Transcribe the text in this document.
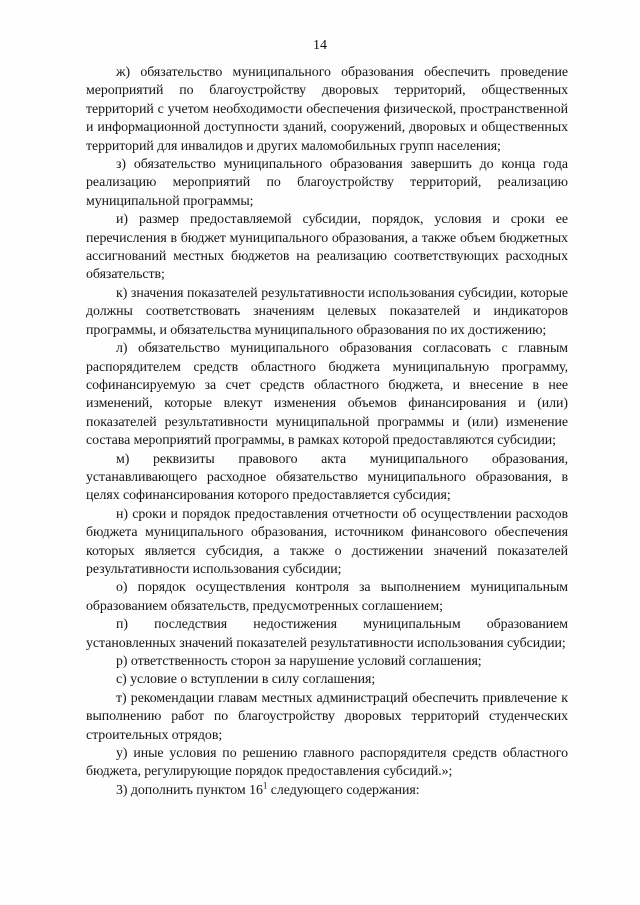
14

ж) обязательство муниципального образования обеспечить проведение мероприятий по благоустройству дворовых территорий, общественных территорий с учетом необходимости обеспечения физической, пространственной и информационной доступности зданий, сооружений, дворовых и общественных территорий для инвалидов и других маломобильных групп населения;

з) обязательство муниципального образования завершить до конца года реализацию мероприятий по благоустройству территорий, реализацию муниципальной программы;

и) размер предоставляемой субсидии, порядок, условия и сроки ее перечисления в бюджет муниципального образования, а также объем бюджетных ассигнований местных бюджетов на реализацию соответствующих расходных обязательств;

к) значения показателей результативности использования субсидии, которые должны соответствовать значениям целевых показателей и индикаторов программы, и обязательства муниципального образования по их достижению;

л) обязательство муниципального образования согласовать с главным распорядителем средств областного бюджета муниципальную программу, софинансируемую за счет средств областного бюджета, и внесение в нее изменений, которые влекут изменения объемов финансирования и (или) показателей результативности муниципальной программы и (или) изменение состава мероприятий программы, в рамках которой предоставляются субсидии;

м) реквизиты правового акта муниципального образования, устанавливающего расходное обязательство муниципального образования, в целях софинансирования которого предоставляется субсидия;

н) сроки и порядок предоставления отчетности об осуществлении расходов бюджета муниципального образования, источником финансового обеспечения которых является субсидия, а также о достижении значений показателей результативности использования субсидии;

о) порядок осуществления контроля за выполнением муниципальным образованием обязательств, предусмотренных соглашением;

п) последствия недостижения муниципальным образованием установленных значений показателей результативности использования субсидии;

р) ответственность сторон за нарушение условий соглашения;

с) условие о вступлении в силу соглашения;

т) рекомендации главам местных администраций обеспечить привлечение к выполнению работ по благоустройству дворовых территорий студенческих строительных отрядов;

у) иные условия по решению главного распорядителя средств областного бюджета, регулирующие порядок предоставления субсидий.»;

3) дополнить пунктом $16^1$ следующего содержания:
